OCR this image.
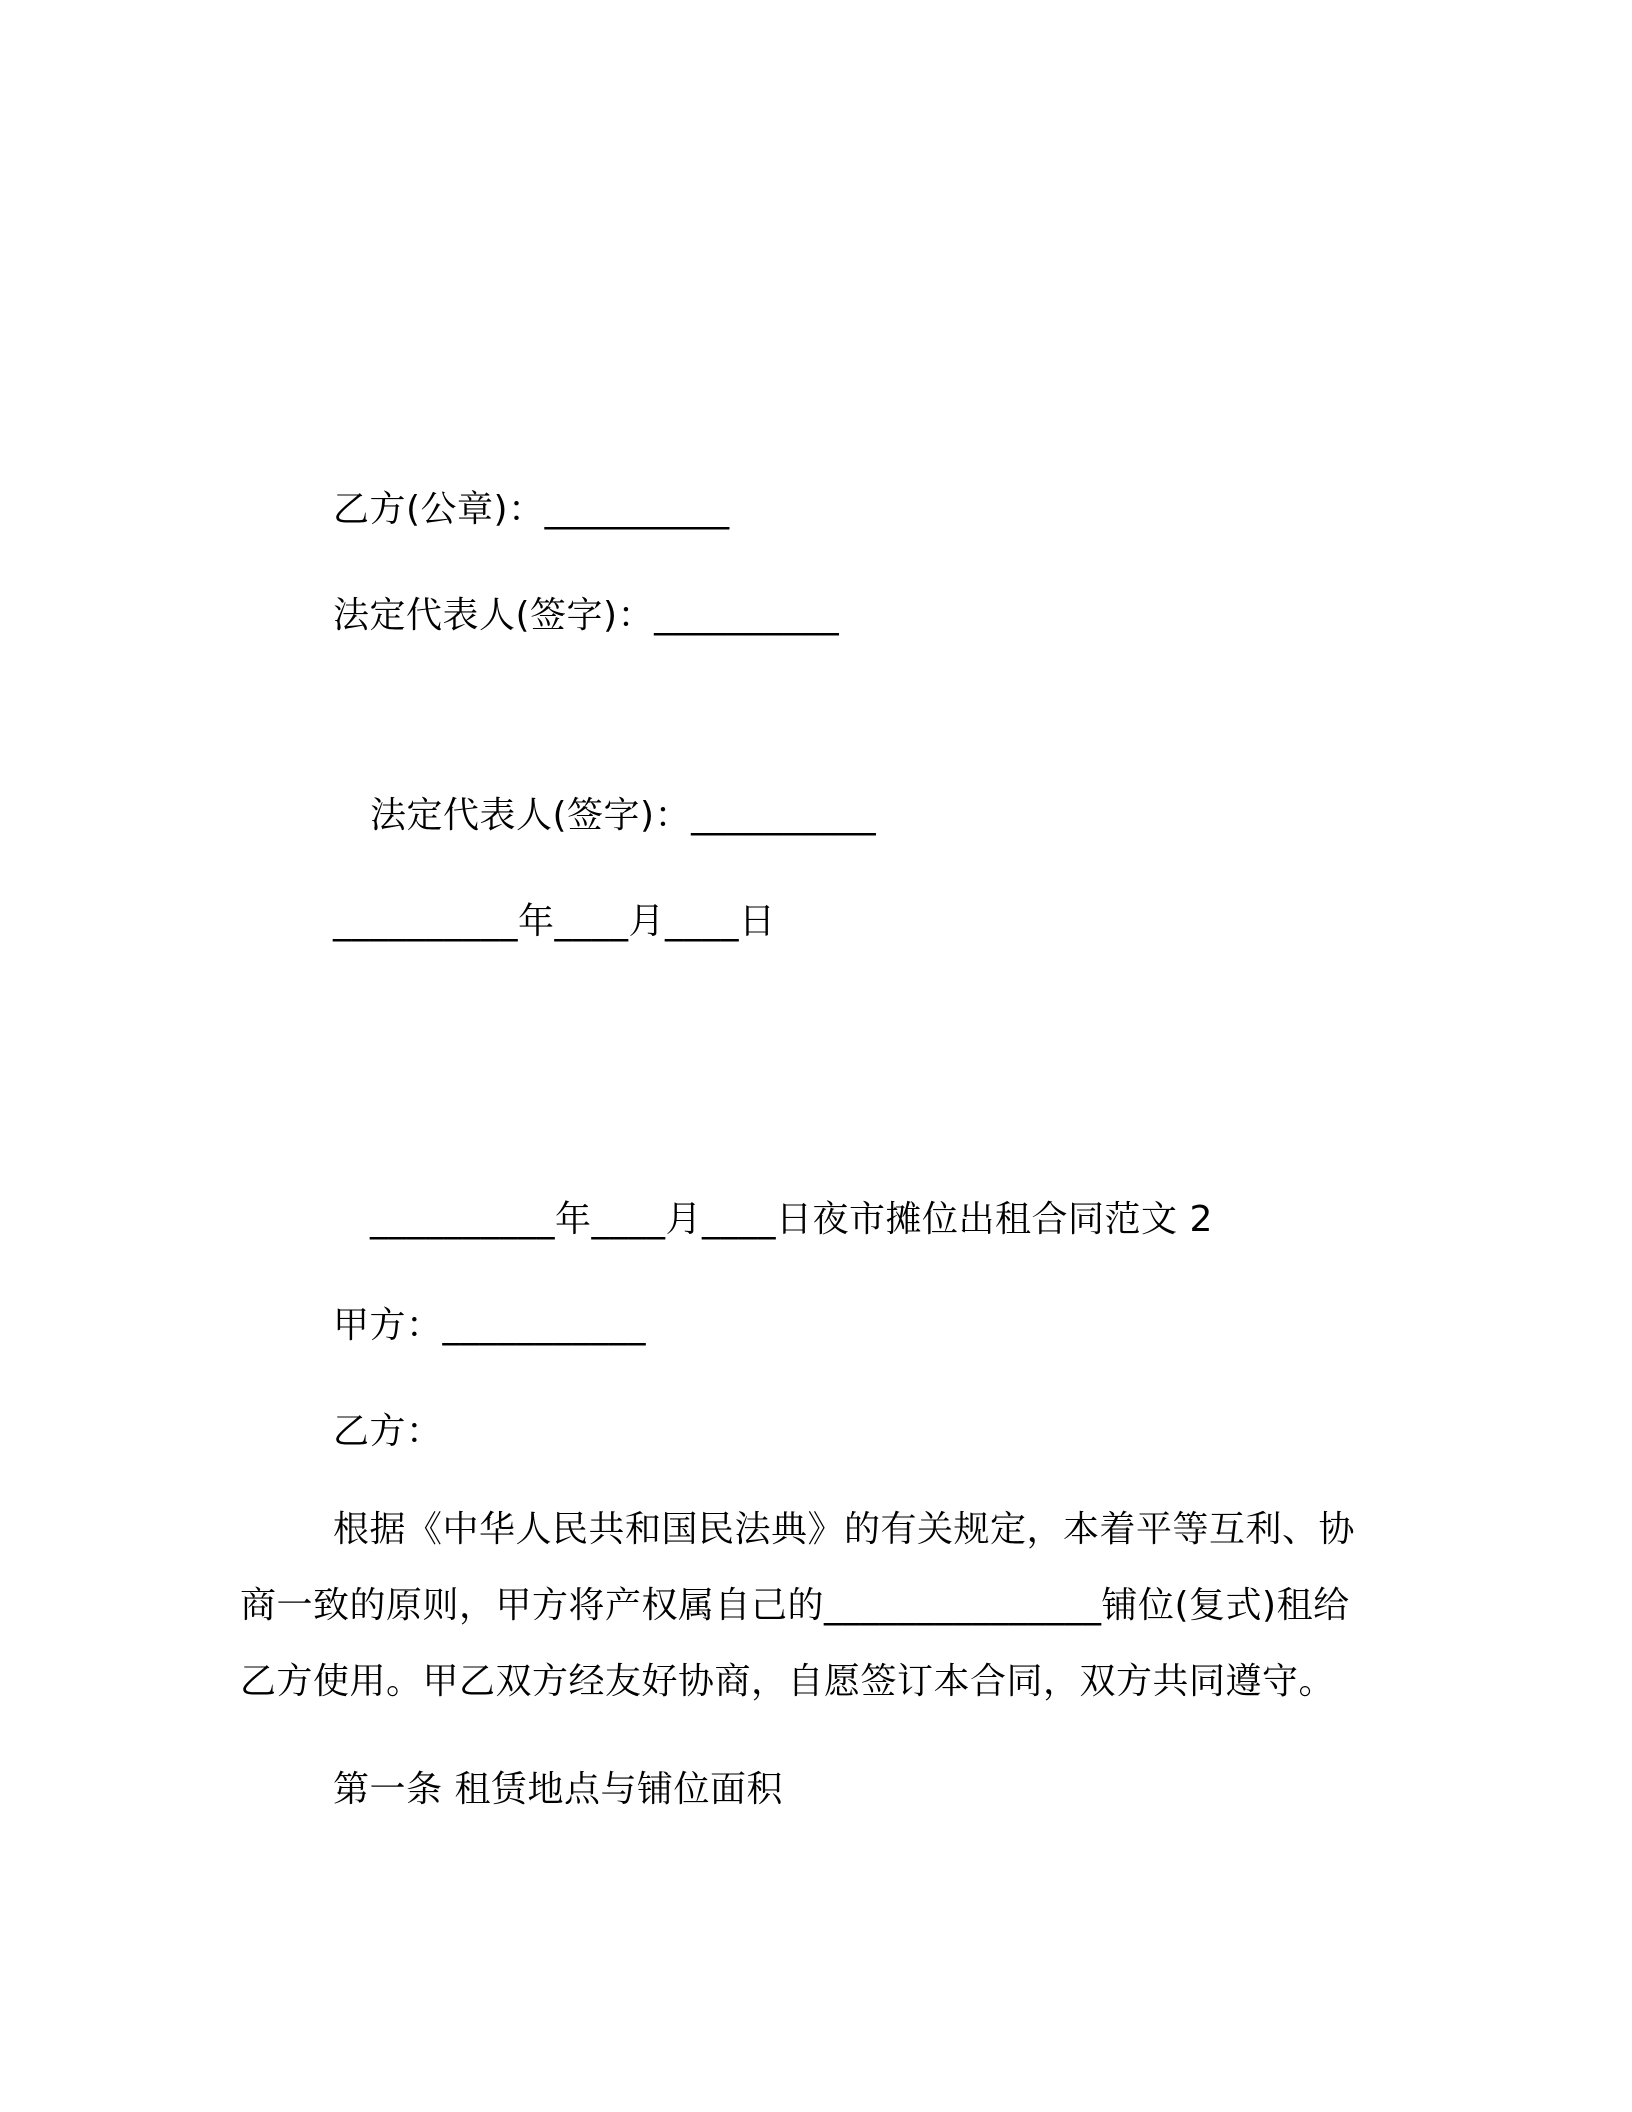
乙方(公章)：__________
法定代表人(签字)：__________
法定代表人(签字)：__________
__________年____月____日
__________年____月____日夜市摊位出租合同范文 2
甲方：___________
乙方：
根据《中华人民共和国民法典》的有关规定，本着平等互利、协
商一致的原则，甲方将产权属自己的_______________铺位(复式)租给
乙方使用。甲乙双方经友好协商，自愿签订本合同，双方共同遵守。
第一条 租赁地点与铺位面积
